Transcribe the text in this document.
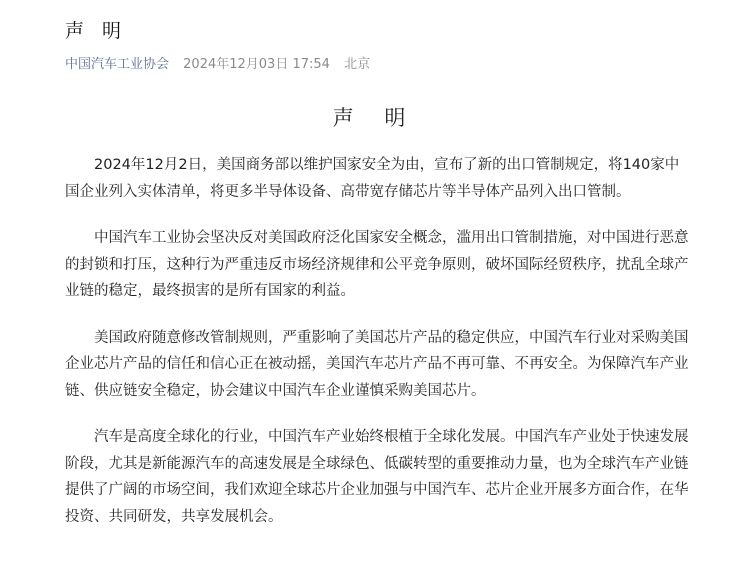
声 明
中国汽车工业协会 2024年12月03日 17:54 北京
声 明

2024年12月2日，美国商务部以维护国家安全为由，宣布了新的出口管制规定，将140家中国企业列入实体清单，将更多半导体设备、高带宽存储芯片等半导体产品列入出口管制。

中国汽车工业协会坚决反对美国政府泛化国家安全概念，滥用出口管制措施，对中国进行恶意的封锁和打压，这种行为严重违反市场经济规律和公平竞争原则，破坏国际经贸秩序，扰乱全球产业链的稳定，最终损害的是所有国家的利益。

美国政府随意修改管制规则，严重影响了美国芯片产品的稳定供应，中国汽车行业对采购美国企业芯片产品的信任和信心正在被动摇，美国汽车芯片产品不再可靠、不再安全。为保障汽车产业链、供应链安全稳定，协会建议中国汽车企业谨慎采购美国芯片。

汽车是高度全球化的行业，中国汽车产业始终根植于全球化发展。中国汽车产业处于快速发展阶段，尤其是新能源汽车的高速发展是全球绿色、低碳转型的重要推动力量，也为全球汽车产业链提供了广阔的市场空间，我们欢迎全球芯片企业加强与中国汽车、芯片企业开展多方面合作，在华投资、共同研发，共享发展机会。
